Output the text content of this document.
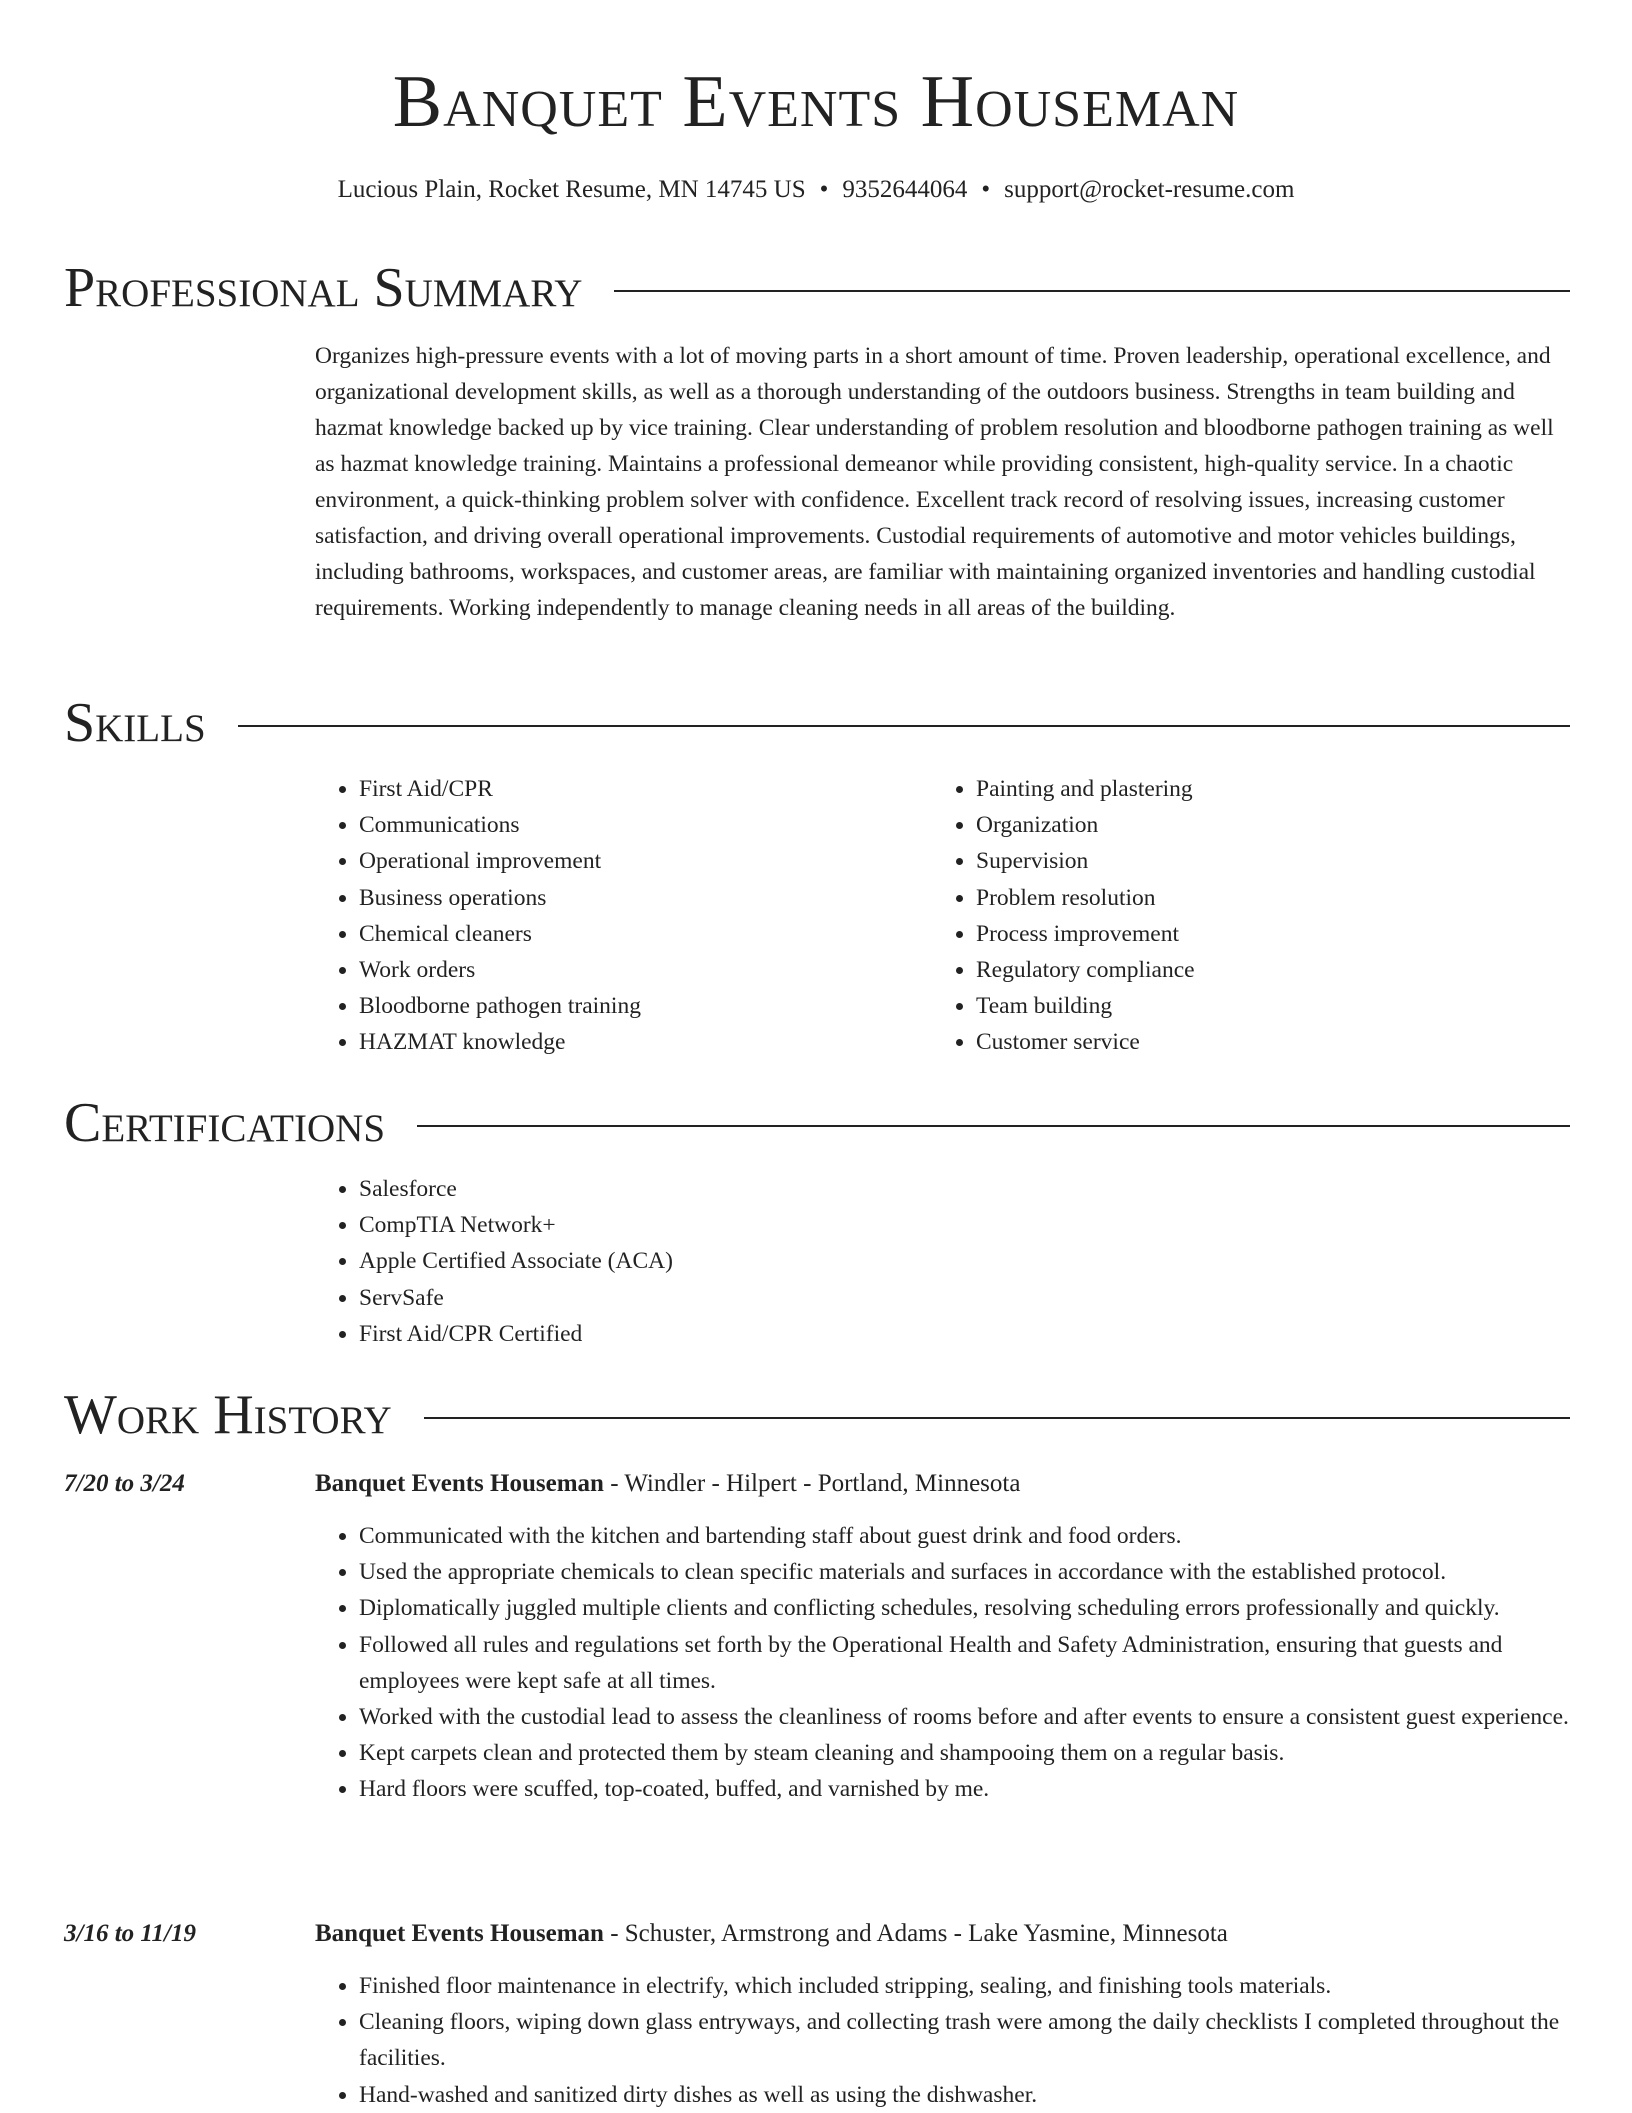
Banquet Events Houseman
Lucious Plain, Rocket Resume, MN 14745 US • 9352644064 • support@rocket-resume.com
Professional Summary

Organizes high-pressure events with a lot of moving parts in a short amount of time. Proven leadership, operational excellence, and organizational development skills, as well as a thorough understanding of the outdoors business. Strengths in team building and hazmat knowledge backed up by vice training. Clear understanding of problem resolution and bloodborne pathogen training as well as hazmat knowledge training. Maintains a professional demeanor while providing consistent, high-quality service. In a chaotic environment, a quick-thinking problem solver with confidence. Excellent track record of resolving issues, increasing customer satisfaction, and driving overall operational improvements. Custodial requirements of automotive and motor vehicles buildings, including bathrooms, workspaces, and customer areas, are familiar with maintaining organized inventories and handling custodial requirements. Working independently to manage cleaning needs in all areas of the building.

Skills
• First Aid/CPR
• Communications
• Operational improvement
• Business operations
• Chemical cleaners
• Work orders
• Bloodborne pathogen training
• HAZMAT knowledge
• Painting and plastering
• Organization
• Supervision
• Problem resolution
• Process improvement
• Regulatory compliance
• Team building
• Customer service
Certifications
• Salesforce
• CompTIA Network+
• Apple Certified Associate (ACA)
• ServSafe
• First Aid/CPR Certified
Work History
7/20 to 3/24	Banquet Events Houseman - Windler - Hilpert - Portland, Minnesota
• Communicated with the kitchen and bartending staff about guest drink and food orders.
• Used the appropriate chemicals to clean specific materials and surfaces in accordance with the established protocol.
• Diplomatically juggled multiple clients and conflicting schedules, resolving scheduling errors professionally and quickly.
• Followed all rules and regulations set forth by the Operational Health and Safety Administration, ensuring that guests and employees were kept safe at all times.
• Worked with the custodial lead to assess the cleanliness of rooms before and after events to ensure a consistent guest experience.
• Kept carpets clean and protected them by steam cleaning and shampooing them on a regular basis.
• Hard floors were scuffed, top-coated, buffed, and varnished by me.
3/16 to 11/19	Banquet Events Houseman - Schuster, Armstrong and Adams - Lake Yasmine, Minnesota
• Finished floor maintenance in electrify, which included stripping, sealing, and finishing tools materials.
• Cleaning floors, wiping down glass entryways, and collecting trash were among the daily checklists I completed throughout the facilities.
• Hand-washed and sanitized dirty dishes as well as using the dishwasher.
